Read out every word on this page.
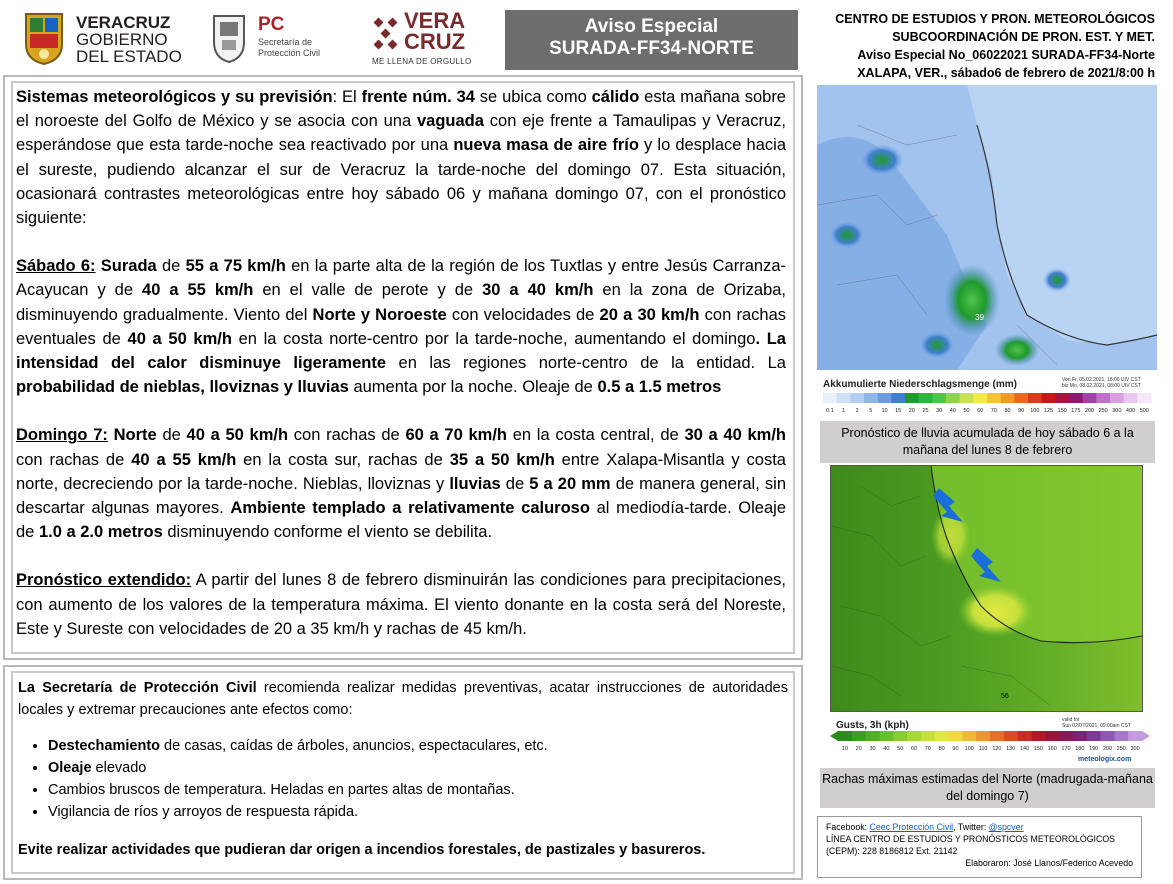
VERACRUZ
GOBIERNO
DEL ESTADO
PC
Secretaría de
Protección Civil
VERA
CRUZ
ME LLENA DE ORGULLO
Aviso Especial
SURADA-FF34-NORTE
CENTRO DE ESTUDIOS Y PRON. METEOROLÓGICOS
SUBCOORDINACIÓN DE PRON. EST. Y MET.
Aviso Especial No_06022021 SURADA-FF34-Norte
XALAPA, VER., sábado6 de febrero de 2021/8:00 h

Sistemas meteorológicos y su previsión: El frente núm. 34 se ubica como cálido esta mañana sobre el noroeste del Golfo de México y se asocia con una vaguada con eje frente a Tamaulipas y Veracruz, esperándose que esta tarde-noche sea reactivado por una nueva masa de aire frío y lo desplace hacia el sureste, pudiendo alcanzar el sur de Veracruz la tarde-noche del domingo 07. Esta situación, ocasionará contrastes meteorológicas entre hoy sábado 06 y mañana domingo 07, con el pronóstico siguiente:

Sábado 6: Surada de 55 a 75 km/h en la parte alta de la región de los Tuxtlas y entre Jesús Carranza-Acayucan y de 40 a 55 km/h en el valle de perote y de 30 a 40 km/h en la zona de Orizaba, disminuyendo gradualmente. Viento del Norte y Noroeste con velocidades de 20 a 30 km/h con rachas eventuales de 40 a 50 km/h en la costa norte-centro por la tarde-noche, aumentando el domingo. La intensidad del calor disminuye ligeramente en las regiones norte-centro de la entidad. La probabilidad de nieblas, lloviznas y lluvias aumenta por la noche. Oleaje de 0.5 a 1.5 metros

Domingo 7: Norte de 40 a 50 km/h con rachas de 60 a 70 km/h en la costa central, de 30 a 40 km/h con rachas de 40 a 55 km/h en la costa sur, rachas de 35 a 50 km/h entre Xalapa-Misantla y costa norte, decreciendo por la tarde-noche. Nieblas, lloviznas y lluvias de 5 a 20 mm de manera general, sin descartar algunas mayores. Ambiente templado a relativamente caluroso al mediodía-tarde. Oleaje de 1.0 a 2.0 metros disminuyendo conforme el viento se debilita.

Pronóstico extendido: A partir del lunes 8 de febrero disminuirán las condiciones para precipitaciones, con aumento de los valores de la temperatura máxima. El viento donante en la costa será del Noreste, Este y Sureste con velocidades de 20 a 35 km/h y rachas de 45 km/h.

La Secretaría de Protección Civil recomienda realizar medidas preventivas, acatar instrucciones de autoridades locales y extremar precauciones ante efectos como:
• Destechamiento de casas, caídas de árboles, anuncios, espectaculares, etc.
• Oleaje elevado
• Cambios bruscos de temperatura. Heladas en partes altas de montañas.
• Vigilancia de ríos y arroyos de respuesta rápida.
Evite realizar actividades que pudieran dar origen a incendios forestales, de pastizales y basureros.
39
Akkumulierte Niederschlagsmenge (mm)	Von Fr, 05.02.2021, 18:00 UIV CST
bis Mo, 08.02.2021, 08:00 UIV CST
0.1 1 2 5 10 15 20 25 30 40 50 60 70 80 90 100 125 150 175 200 250 300 400 500
Pronóstico de lluvia acumulada de hoy sábado 6 a la mañana del lunes 8 de febrero
56
Gusts, 3h (kph)	valid for
Sun 02/07/2021, 09:00am CST
10 20 30 40 50 60 70 80 90 100 110 120 130 140 150 160 170 180 190 200 250 300
meteologix.com
Rachas máximas estimadas del Norte (madrugada-mañana del domingo 7)
Facebook: Ceec Protección Civil, Twitter: @spcver
LÍNEA CENTRO DE ESTUDIOS Y PRONÓSTICOS METEOROLÓGICOS
(CEPM): 228 8186812 Ext. 21142
Elaboraron: José Llanos/Federico Acevedo
